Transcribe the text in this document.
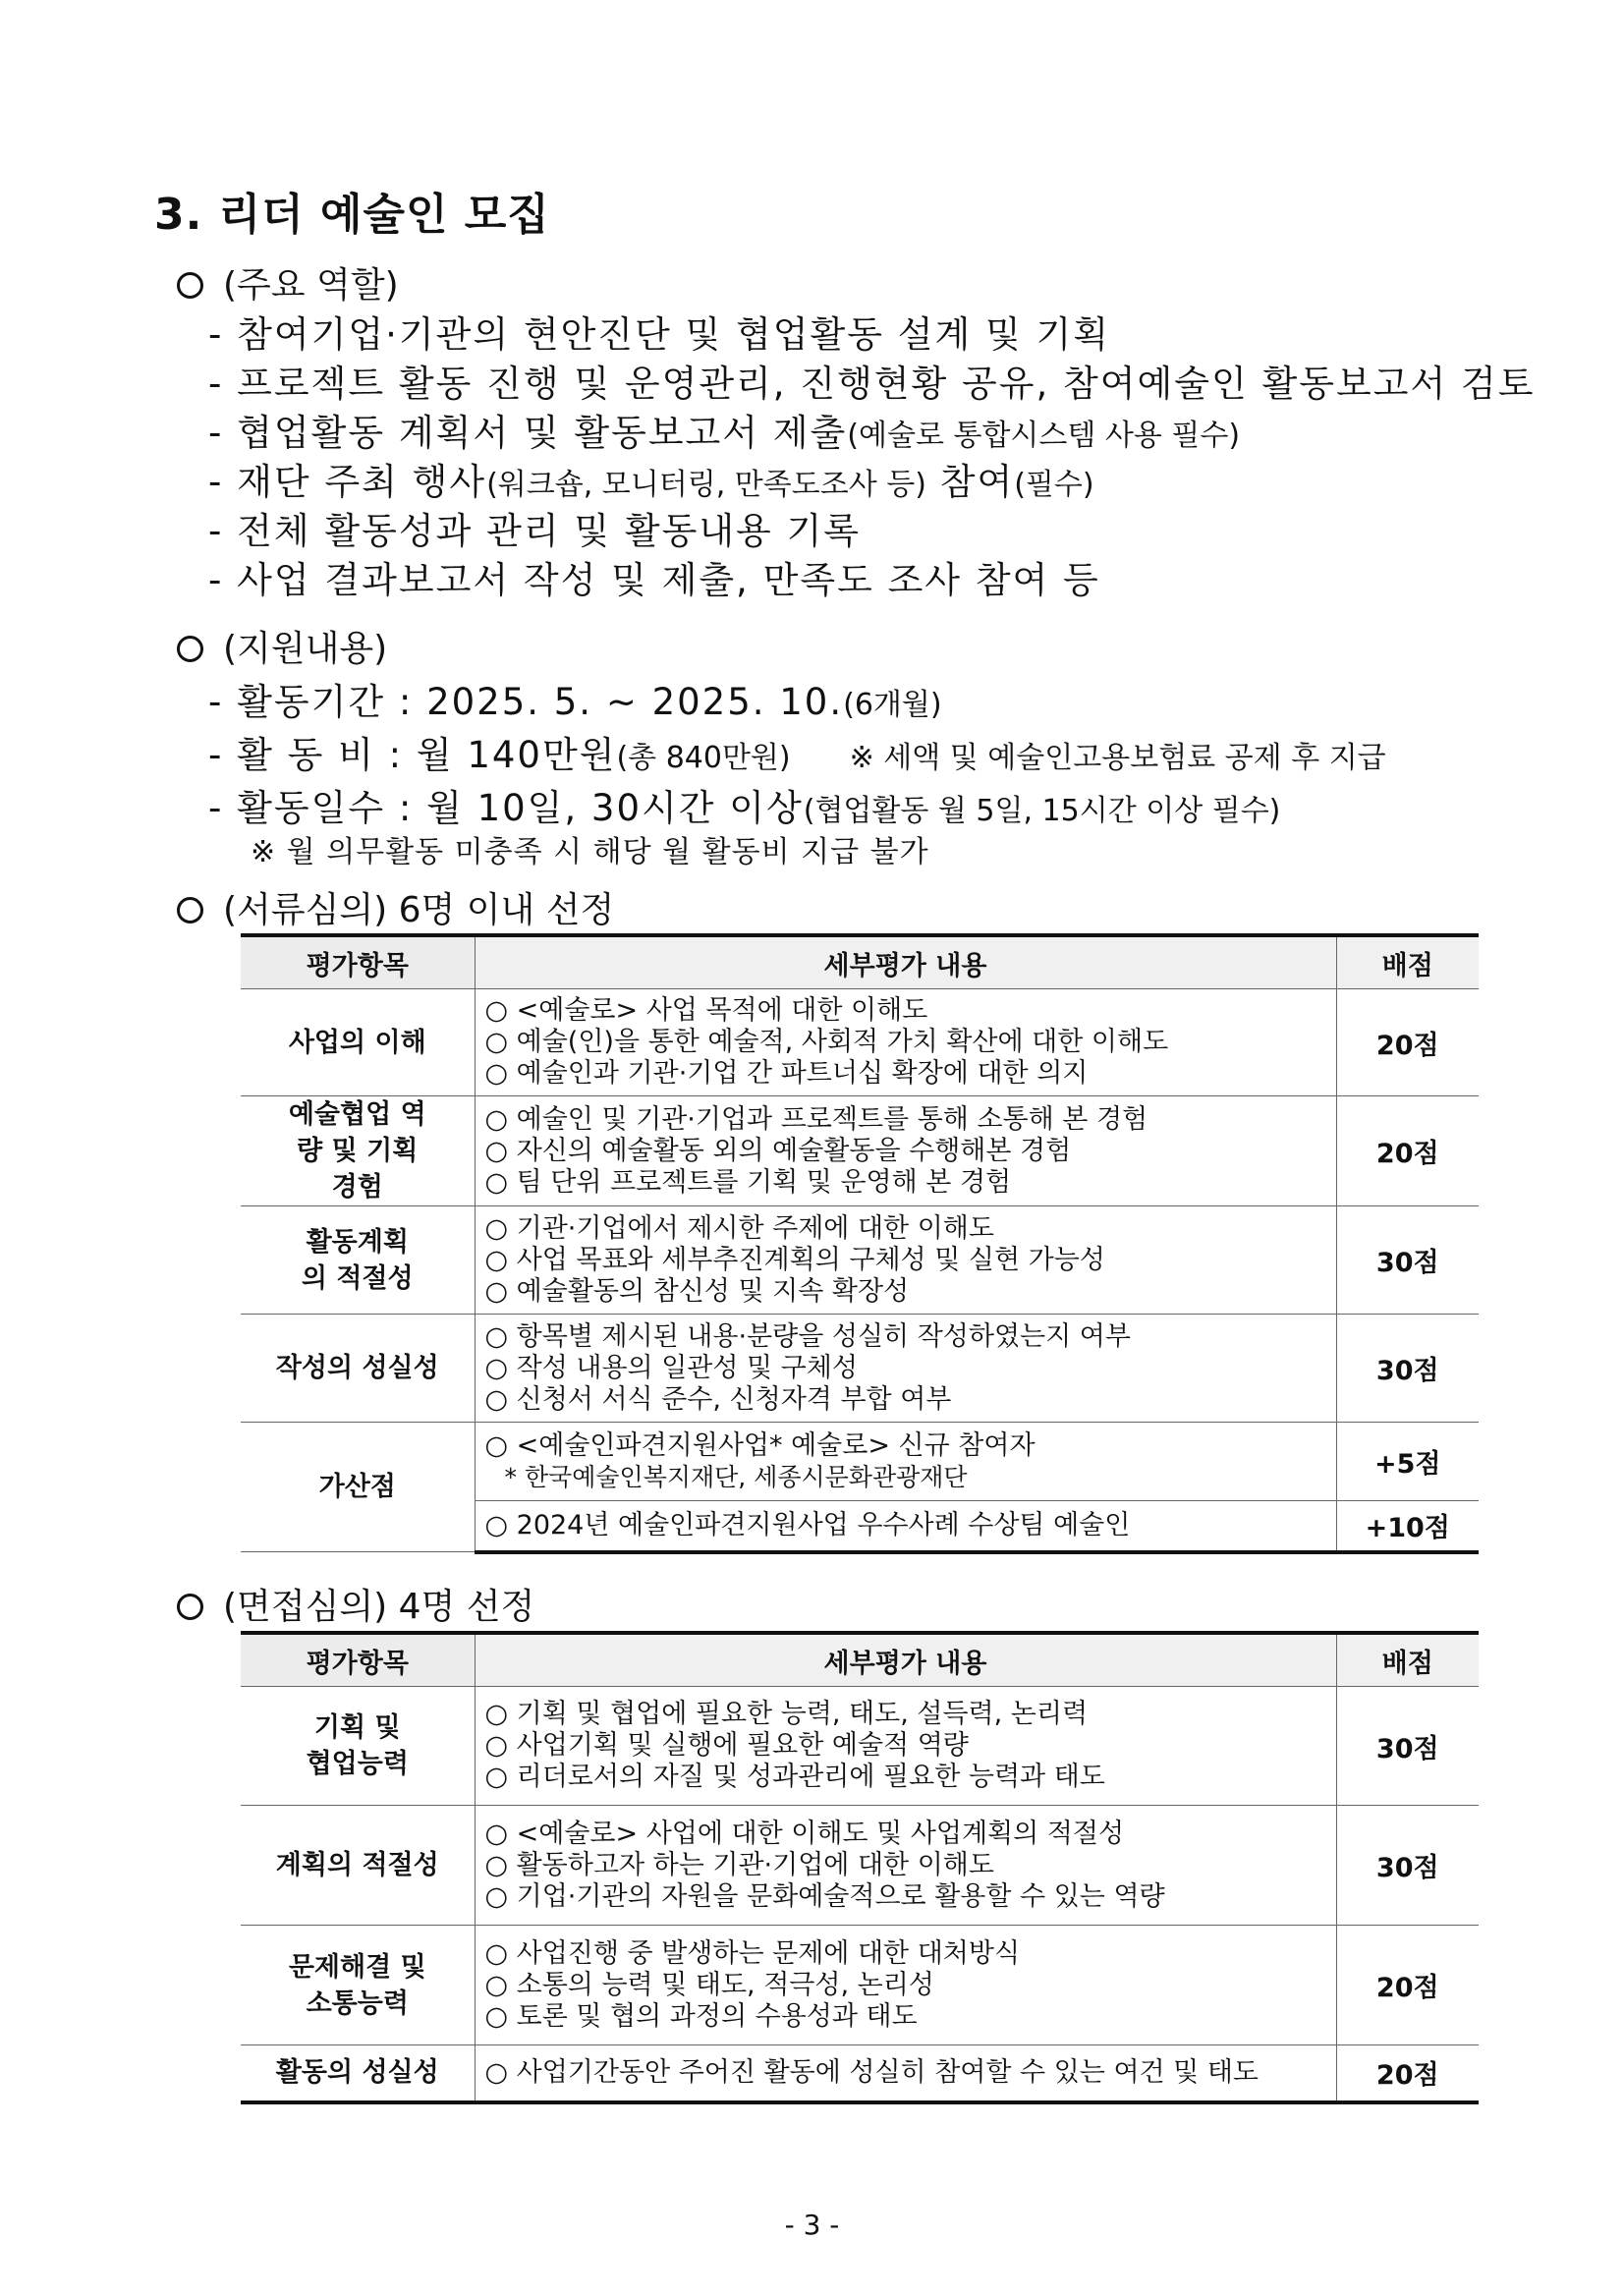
3. 리더 예술인 모집
(주요 역할)
- 참여기업·기관의 현안진단 및 협업활동 설계 및 기획
- 프로젝트 활동 진행 및 운영관리, 진행현황 공유, 참여예술인 활동보고서 검토
- 협업활동 계획서 및 활동보고서 제출(예술로 통합시스템 사용 필수)
- 재단 주최 행사(워크숍, 모니터링, 만족도조사 등) 참여(필수)
- 전체 활동성과 관리 및 활동내용 기록
- 사업 결과보고서 작성 및 제출, 만족도 조사 참여 등
(지원내용)
- 활동기간 : 2025. 5. ~ 2025. 10.(6개월)
- 활 동 비 : 월 140만원(총 840만원) ※ 세액 및 예술인고용보험료 공제 후 지급
- 활동일수 : 월 10일, 30시간 이상(협업활동 월 5일, 15시간 이상 필수)
※ 월 의무활동 미충족 시 해당 월 활동비 지급 불가
(서류심의) 6명 이내 선정
평가항목	세부평가 내용	배점
사업의 이해	○ <예술로> 사업 목적에 대한 이해도
○ 예술(인)을 통한 예술적, 사회적 가치 확산에 대한 이해도
○ 예술인과 기관·기업 간 파트너십 확장에 대한 의지	20점

예술협업 역량 및 기획 경험	○ 예술인 및 기관·기업과 프로젝트를 통해 소통해 본 경험
○ 자신의 예술활동 외의 예술활동을 수행해본 경험
○ 팀 단위 프로젝트를 기획 및 운영해 본 경험	20점

활동계획의 적절성	○ 기관·기업에서 제시한 주제에 대한 이해도
○ 사업 목표와 세부추진계획의 구체성 및 실현 가능성
○ 예술활동의 참신성 및 지속 확장성	30점
작성의 성실성	○ 항목별 제시된 내용·분량을 성실히 작성하였는지 여부
○ 작성 내용의 일관성 및 구체성
○ 신청서 서식 준수, 신청자격 부합 여부	30점
가산점	○ <예술인파견지원사업* 예술로> 신규 참여자
* 한국예술인복지재단, 세종시문화관광재단	+5점

	○ 2024년 예술인파견지원사업 우수사례 수상팀 예술인	+10점
(면접심의) 4명 선정
평가항목	세부평가 내용	배점

기획 및 협업능력	○ 기획 및 협업에 필요한 능력, 태도, 설득력, 논리력
○ 사업기획 및 실행에 필요한 예술적 역량
○ 리더로서의 자질 및 성과관리에 필요한 능력과 태도	30점
계획의 적절성	○ <예술로> 사업에 대한 이해도 및 사업계획의 적절성
○ 활동하고자 하는 기관·기업에 대한 이해도
○ 기업·기관의 자원을 문화예술적으로 활용할 수 있는 역량	30점

문제해결 및 소통능력	○ 사업진행 중 발생하는 문제에 대한 대처방식
○ 소통의 능력 및 태도, 적극성, 논리성
○ 토론 및 협의 과정의 수용성과 태도	20점
활동의 성실성	○ 사업기간동안 주어진 활동에 성실히 참여할 수 있는 여건 및 태도	20점
- 3 -
